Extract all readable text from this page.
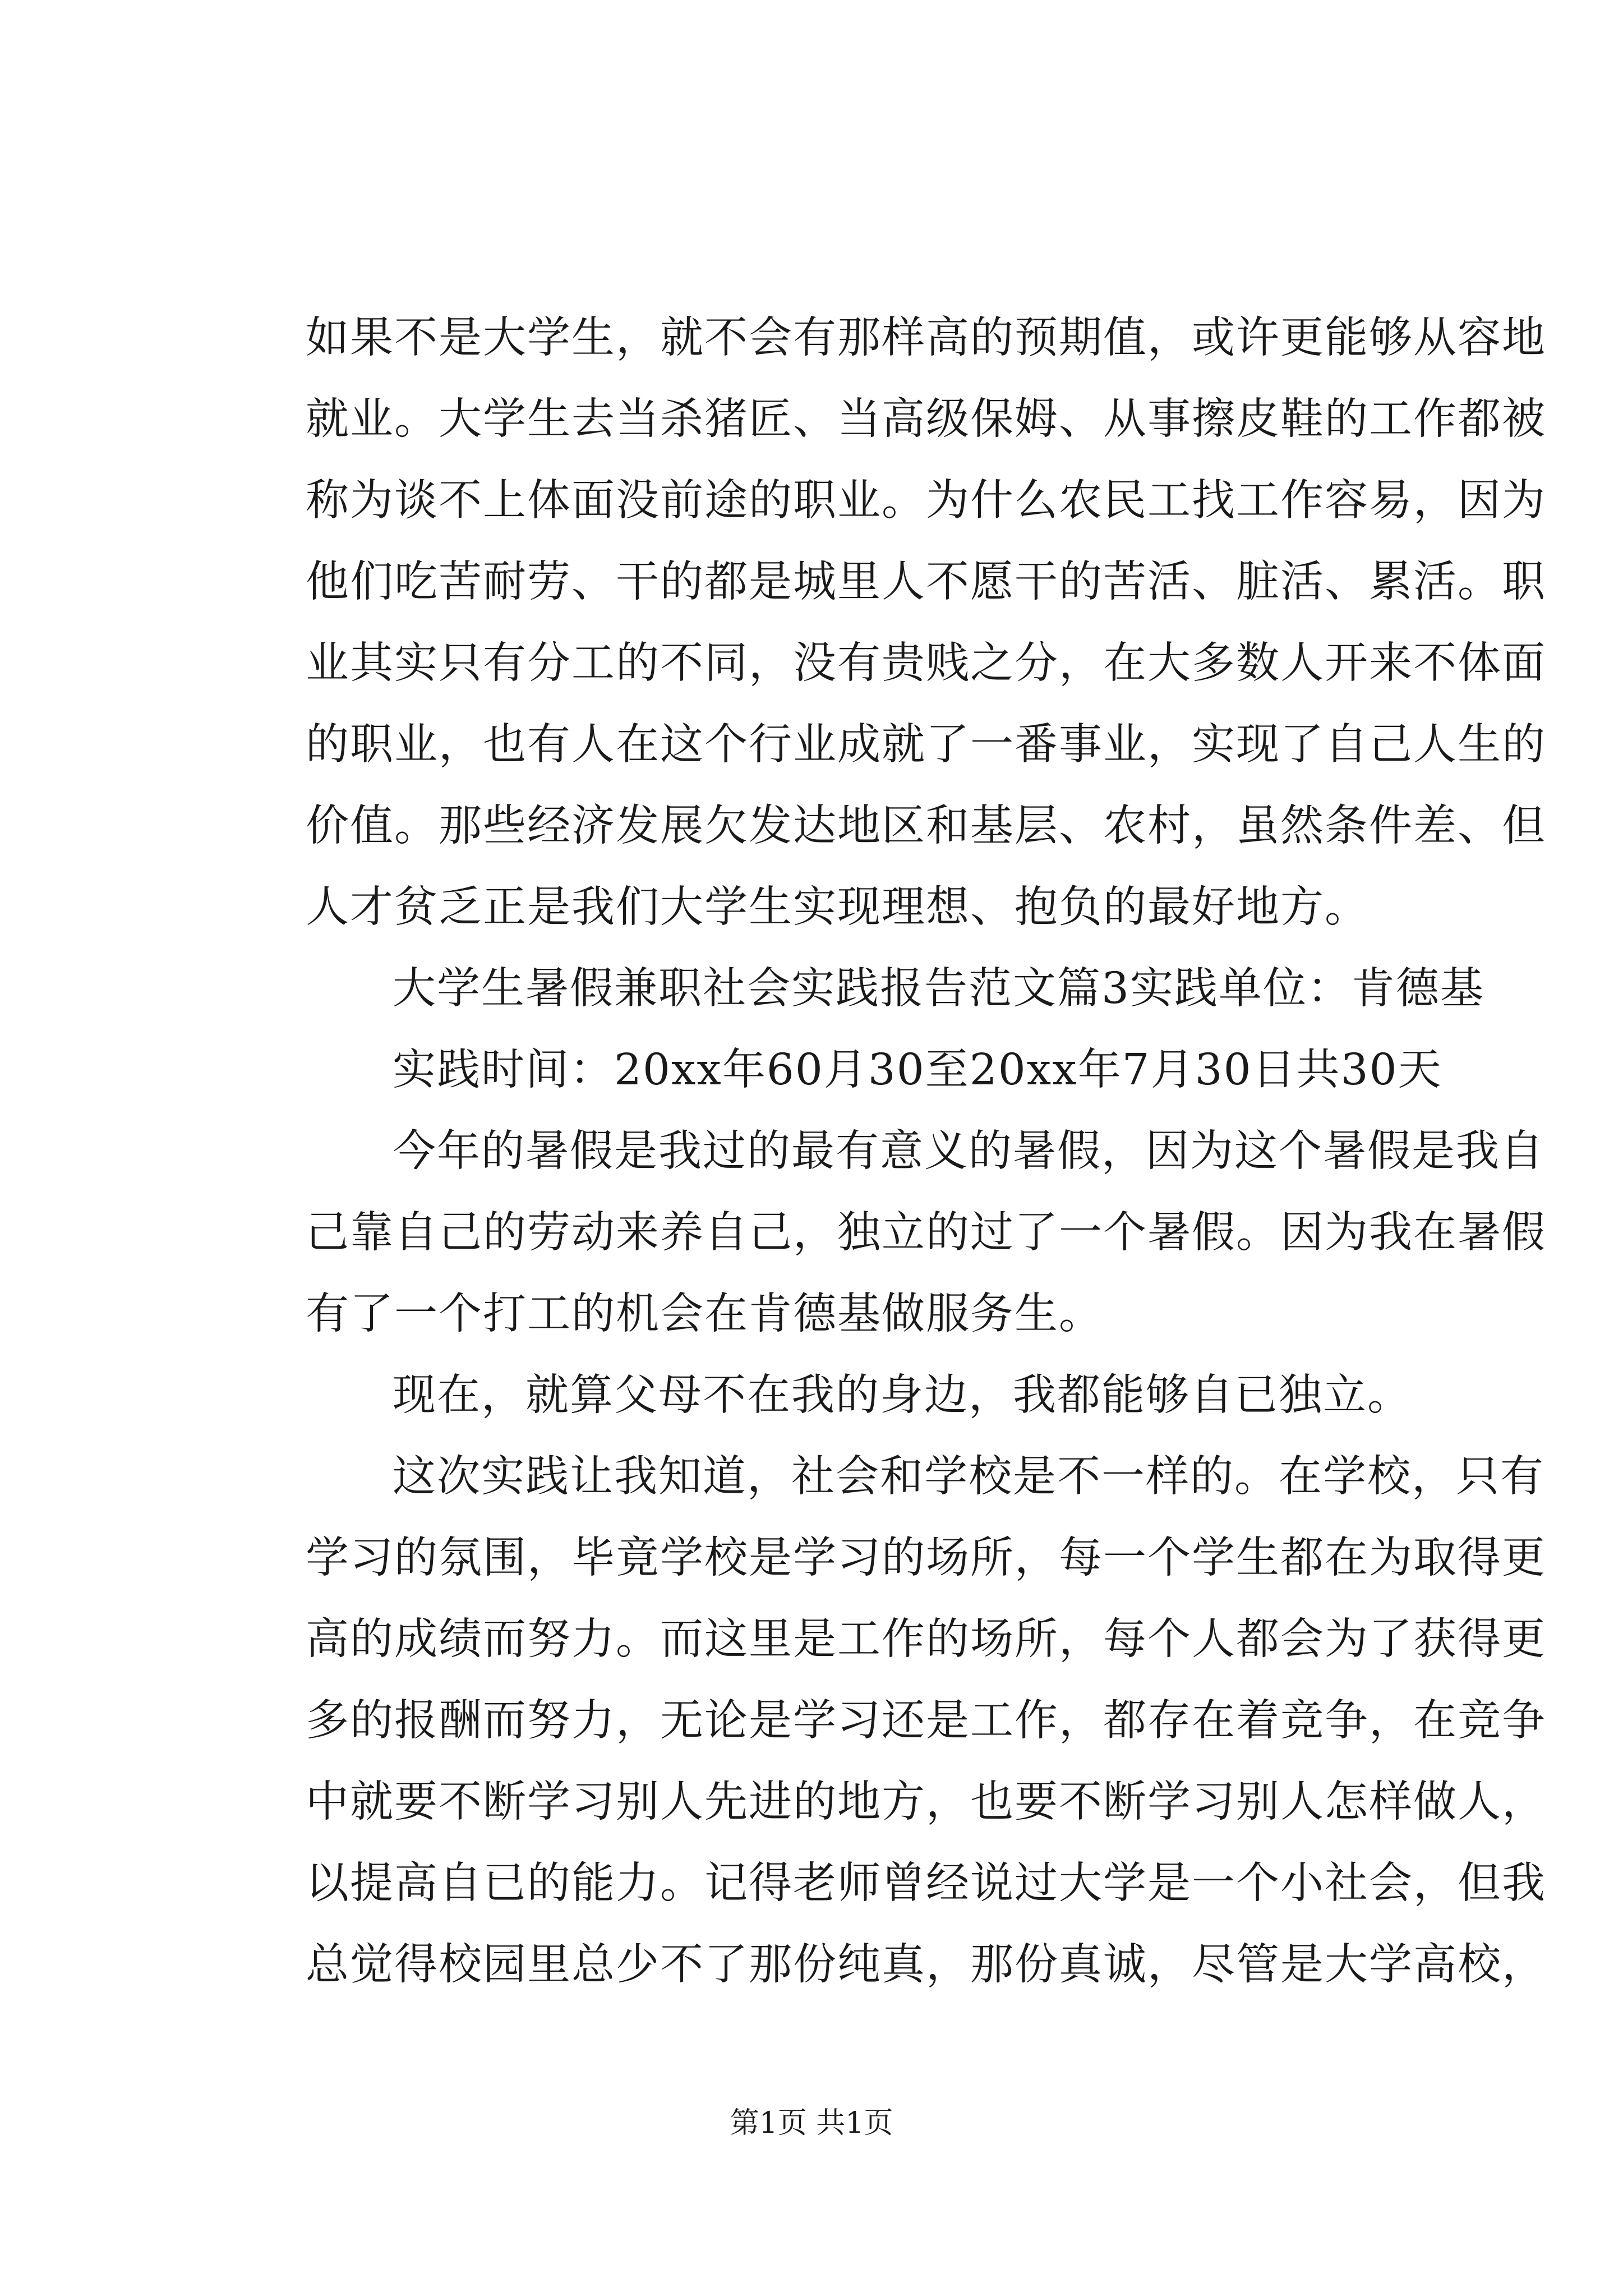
如果不是大学生，就不会有那样高的预期值，或许更能够从容地
就业。大学生去当杀猪匠、当高级保姆、从事擦皮鞋的工作都被
称为谈不上体面没前途的职业。为什么农民工找工作容易，因为
他们吃苦耐劳、干的都是城里人不愿干的苦活、脏活、累活。职
业其实只有分工的不同，没有贵贱之分，在大多数人开来不体面
的职业，也有人在这个行业成就了一番事业，实现了自己人生的
价值。那些经济发展欠发达地区和基层、农村，虽然条件差、但
人才贫乏正是我们大学生实现理想、抱负的最好地方。
大学生暑假兼职社会实践报告范文篇3实践单位：肯德基
实践时间：20xx年60月30至20xx年7月30日共30天
今年的暑假是我过的最有意义的暑假，因为这个暑假是我自
己靠自己的劳动来养自己，独立的过了一个暑假。因为我在暑假
有了一个打工的机会在肯德基做服务生。
现在，就算父母不在我的身边，我都能够自已独立。
这次实践让我知道，社会和学校是不一样的。在学校，只有
学习的氛围，毕竟学校是学习的场所，每一个学生都在为取得更
高的成绩而努力。而这里是工作的场所，每个人都会为了获得更
多的报酬而努力，无论是学习还是工作，都存在着竞争，在竞争
中就要不断学习别人先进的地方，也要不断学习别人怎样做人，
以提高自已的能力。记得老师曾经说过大学是一个小社会，但我
总觉得校园里总少不了那份纯真，那份真诚，尽管是大学高校，
第1页 共1页
